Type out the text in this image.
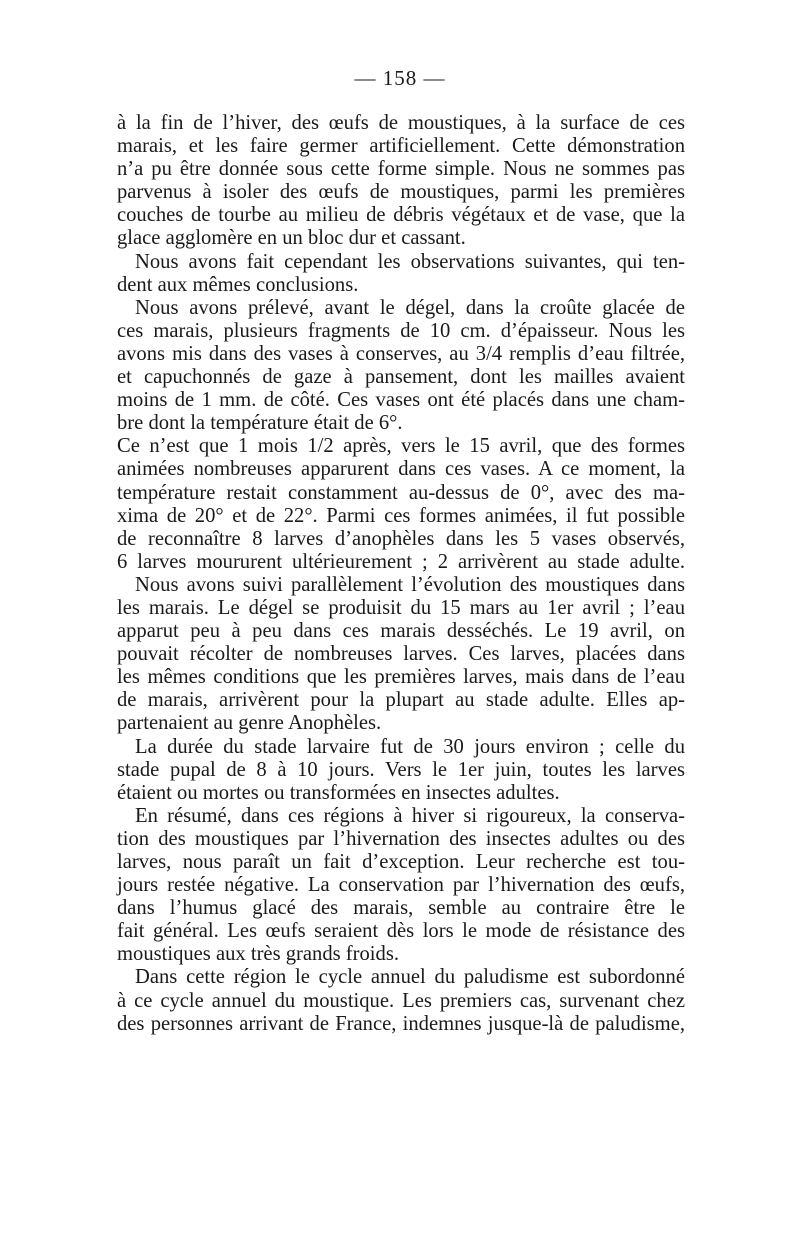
— 158 —
à la fin de l’hiver, des œufs de moustiques, à la surface de ces
marais, et les faire germer artificiellement. Cette démonstration
n’a pu être donnée sous cette forme simple. Nous ne sommes pas
parvenus à isoler des œufs de moustiques, parmi les premières
couches de tourbe au milieu de débris végétaux et de vase, que la
glace agglomère en un bloc dur et cassant.
Nous avons fait cependant les observations suivantes, qui ten-
dent aux mêmes conclusions.
Nous avons prélevé, avant le dégel, dans la croûte glacée de
ces marais, plusieurs fragments de 10 cm. d’épaisseur. Nous les
avons mis dans des vases à conserves, au 3/4 remplis d’eau filtrée,
et capuchonnés de gaze à pansement, dont les mailles avaient
moins de 1 mm. de côté. Ces vases ont été placés dans une cham-
bre dont la température était de 6°.
Ce n’est que 1 mois 1/2 après, vers le 15 avril, que des formes
animées nombreuses apparurent dans ces vases. A ce moment, la
température restait constamment au-dessus de 0°, avec des ma-
xima de 20° et de 22°. Parmi ces formes animées, il fut possible
de reconnaître 8 larves d’anophèles dans les 5 vases observés,
6 larves moururent ultérieurement ; 2 arrivèrent au stade adulte.
Nous avons suivi parallèlement l’évolution des moustiques dans
les marais. Le dégel se produisit du 15 mars au 1er avril ; l’eau
apparut peu à peu dans ces marais desséchés. Le 19 avril, on
pouvait récolter de nombreuses larves. Ces larves, placées dans
les mêmes conditions que les premières larves, mais dans de l’eau
de marais, arrivèrent pour la plupart au stade adulte. Elles ap-
partenaient au genre Anophèles.
La durée du stade larvaire fut de 30 jours environ ; celle du
stade pupal de 8 à 10 jours. Vers le 1er juin, toutes les larves
étaient ou mortes ou transformées en insectes adultes.
En résumé, dans ces régions à hiver si rigoureux, la conserva-
tion des moustiques par l’hivernation des insectes adultes ou des
larves, nous paraît un fait d’exception. Leur recherche est tou-
jours restée négative. La conservation par l’hivernation des œufs,
dans l’humus glacé des marais, semble au contraire être le
fait général. Les œufs seraient dès lors le mode de résistance des
moustiques aux très grands froids.
Dans cette région le cycle annuel du paludisme est subordonné
à ce cycle annuel du moustique. Les premiers cas, survenant chez
des personnes arrivant de France, indemnes jusque-là de paludisme,
